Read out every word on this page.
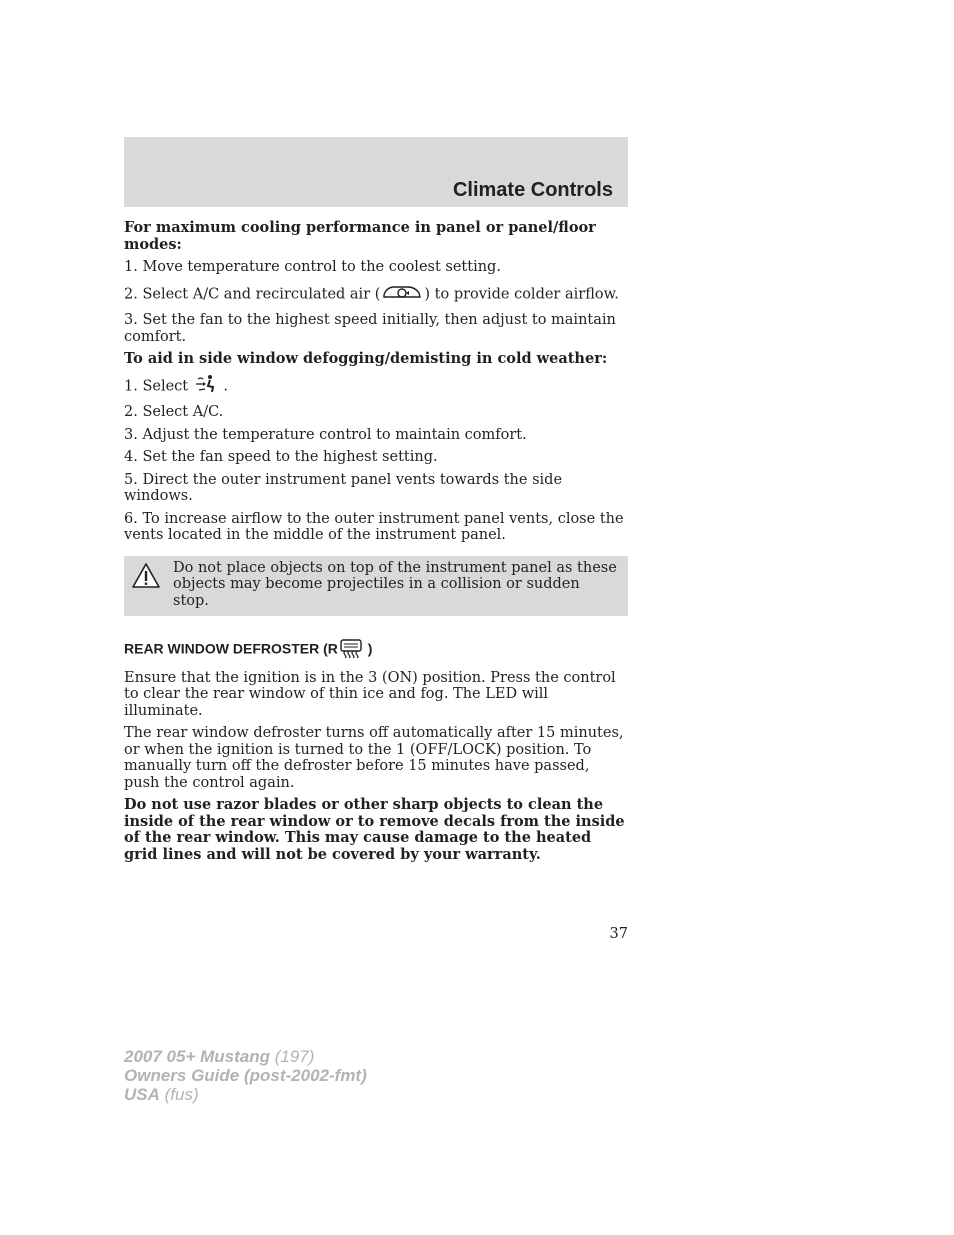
Climate Controls

For maximum cooling performance in panel or panel/floor modes:

1. Move temperature control to the coolest setting.

2. Select A/C and recirculated air (	) to provide colder airflow.

3. Set the fan to the highest speed initially, then adjust to maintain comfort.

To aid in side window defogging/demisting in cold weather:

1. Select .

2. Select A/C.

3. Adjust the temperature control to maintain comfort.

4. Set the fan speed to the highest setting.

5. Direct the outer instrument panel vents towards the side windows.

6. To increase airflow to the outer instrument panel vents, close the vents located in the middle of the instrument panel.

Do not place objects on top of the instrument panel as these objects may become projectiles in a collision or sudden stop.
REAR WINDOW DEFROSTER (R )

Ensure that the ignition is in the 3 (ON) position. Press the control to clear the rear window of thin ice and fog. The LED will illuminate.

The rear window defroster turns off automatically after 15 minutes, or when the ignition is turned to the 1 (OFF/LOCK) position. To manually turn off the defroster before 15 minutes have passed, push the control again.

Do not use razor blades or other sharp objects to clean the inside of the rear window or to remove decals from the inside of the rear window. This may cause damage to the heated grid lines and will not be covered by your warranty.

37
2007 05+ Mustang (197)
Owners Guide (post-2002-fmt)
USA (fus)
